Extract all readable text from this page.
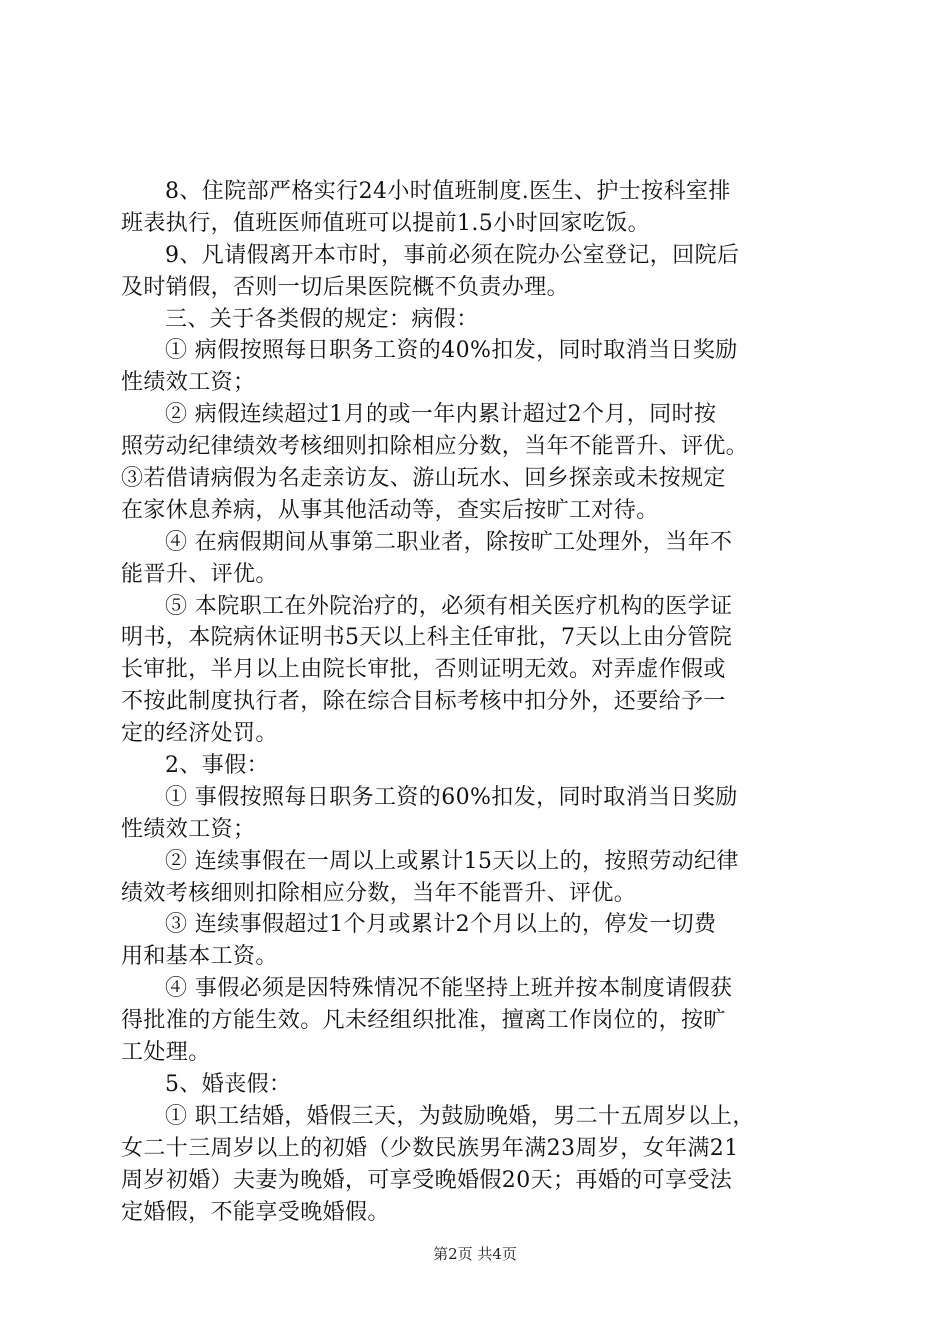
8、住院部严格实行24小时值班制度.医生、护士按科室排
班表执行，值班医师值班可以提前1.5小时回家吃饭。
9、凡请假离开本市时，事前必须在院办公室登记，回院后
及时销假，否则一切后果医院概不负责办理。
三、关于各类假的规定：病假：
① 病假按照每日职务工资的40%扣发，同时取消当日奖励
性绩效工资；
② 病假连续超过1月的或一年内累计超过2个月，同时按
照劳动纪律绩效考核细则扣除相应分数，当年不能晋升、评优。
③若借请病假为名走亲访友、游山玩水、回乡探亲或未按规定
在家休息养病，从事其他活动等，查实后按旷工对待。
④ 在病假期间从事第二职业者，除按旷工处理外，当年不
能晋升、评优。
⑤ 本院职工在外院治疗的，必须有相关医疗机构的医学证
明书，本院病休证明书5天以上科主任审批，7天以上由分管院
长审批，半月以上由院长审批，否则证明无效。对弄虚作假或
不按此制度执行者，除在综合目标考核中扣分外，还要给予一
定的经济处罚。
2、事假：
① 事假按照每日职务工资的60%扣发，同时取消当日奖励
性绩效工资；
② 连续事假在一周以上或累计15天以上的，按照劳动纪律
绩效考核细则扣除相应分数，当年不能晋升、评优。
③ 连续事假超过1个月或累计2个月以上的，停发一切费
用和基本工资。
④ 事假必须是因特殊情况不能坚持上班并按本制度请假获
得批准的方能生效。凡未经组织批准，擅离工作岗位的，按旷
工处理。
5、婚丧假：
① 职工结婚，婚假三天，为鼓励晚婚，男二十五周岁以上，
女二十三周岁以上的初婚（少数民族男年满23周岁，女年满21
周岁初婚）夫妻为晚婚，可享受晚婚假20天；再婚的可享受法
定婚假，不能享受晚婚假。
第2页 共4页
